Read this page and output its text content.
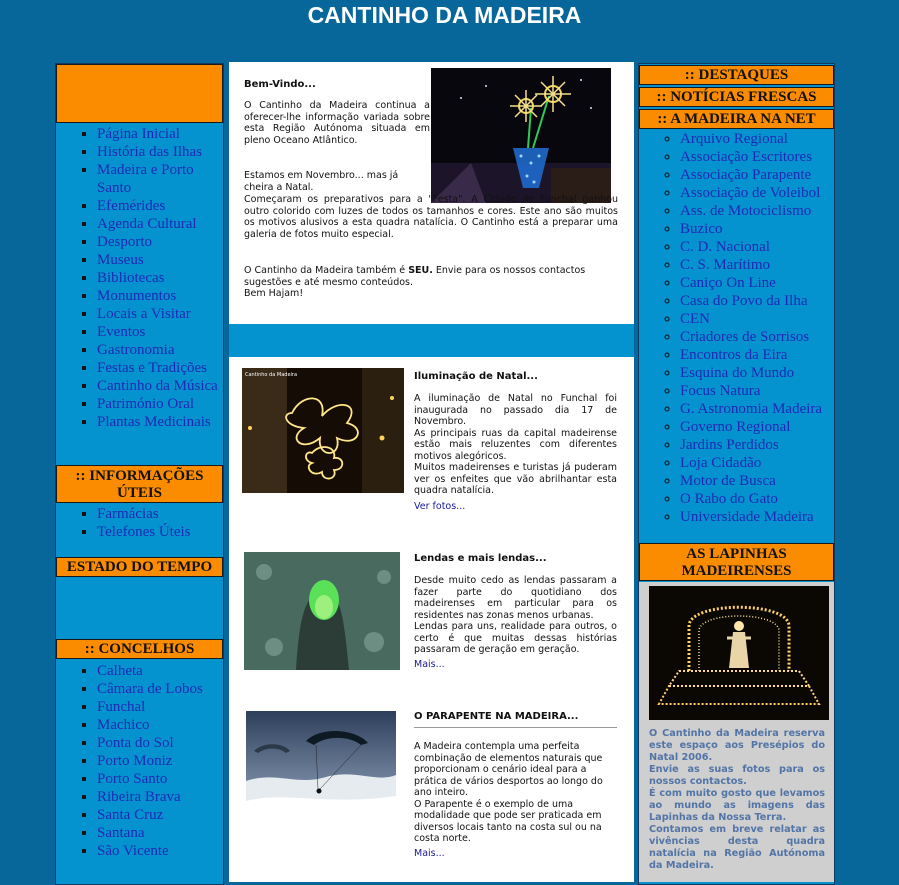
CANTINHO DA MADEIRA
▪ Página Inicial
▪ História das Ilhas
▪ Madeira e Porto Santo
▪ Efemérides
▪ Agenda Cultural
▪ Desporto
▪ Museus
▪ Bibliotecas
▪ Monumentos
▪ Locais a Visitar
▪ Eventos
▪ Gastronomia
▪ Festas e Tradições
▪ Cantinho da Música
▪ Património Oral
▪ Plantas Medicinais
:: INFORMAÇÕES ÚTEIS
▪ Farmácias
▪ Telefones Úteis
ESTADO DO TEMPO
:: CONCELHOS
▪ Calheta
▪ Câmara de Lobos
▪ Funchal
▪ Machico
▪ Ponta do Sol
▪ Porto Moniz
▪ Porto Santo
▪ Ribeira Brava
▪ Santa Cruz
▪ Santana
▪ São Vicente
Bem-Vindo...
O Cantinho da Madeira continua a oferecer-lhe informação variada sobre esta Região Autónoma situada em pleno Oceano Atlântico.
Estamos em Novembro... mas já cheira a Natal.
Começaram os preparativos para a "Festa". A Cidade do Funchal ganhou outro colorido com luzes de todos os tamanhos e cores. Este ano são muitos os motivos alusivos a esta quadra natalícia. O Cantinho está a preparar uma galeria de fotos muito especial.
O Cantinho da Madeira também é SEU. Envie para os nossos contactos sugestões e até mesmo conteúdos.
Bem Hajam!
Cantinho da Madeira	Iluminação de Natal...
A iluminação de Natal no Funchal foi inaugurada no passado dia 17 de Novembro.
As principais ruas da capital madeirense estão mais reluzentes com diferentes motivos alegóricos.
Muitos madeirenses e turistas já puderam ver os enfeites que vão abrilhantar esta quadra natalícia.
Ver fotos...
Lendas e mais lendas...
Desde muito cedo as lendas passaram a fazer parte do quotidiano dos madeirenses em particular para os residentes nas zonas menos urbanas.
Lendas para uns, realidade para outros, o certo é que muitas dessas histórias passaram de geração em geração.
Mais...
O PARAPENTE NA MADEIRA...
A Madeira contempla uma perfeita combinação de elementos naturais que proporcionam o cenário ideal para a prática de vários desportos ao longo do ano inteiro.
O Parapente é o exemplo de uma modalidade que pode ser praticada em diversos locais tanto na costa sul ou na costa norte.
Mais...
:: DESTAQUES
:: NOTÍCIAS FRESCAS
:: A MADEIRA NA NET
◦ Arquivo Regional
◦ Associação Escritores
◦ Associação Parapente
◦ Associação de Voleibol
◦ Ass. de Motociclismo
◦ Buzico
◦ C. D. Nacional
◦ C. S. Marítimo
◦ Caniço On Line
◦ Casa do Povo da Ilha
◦ CEN
◦ Criadores de Sorrisos
◦ Encontros da Eira
◦ Esquina do Mundo
◦ Focus Natura
◦ G. Astronomia Madeira
◦ Governo Regional
◦ Jardins Perdidos
◦ Loja Cidadão
◦ Motor de Busca
◦ O Rabo do Gato
◦ Universidade Madeira
AS LAPINHAS MADEIRENSES
O Cantinho da Madeira reserva este espaço aos Presépios do Natal 2006.
Envie as suas fotos para os nossos contactos.
É com muito gosto que levamos ao mundo as imagens das Lapinhas da Nossa Terra.
Contamos em breve relatar as vivências desta quadra natalícia na Região Autónoma da Madeira.
